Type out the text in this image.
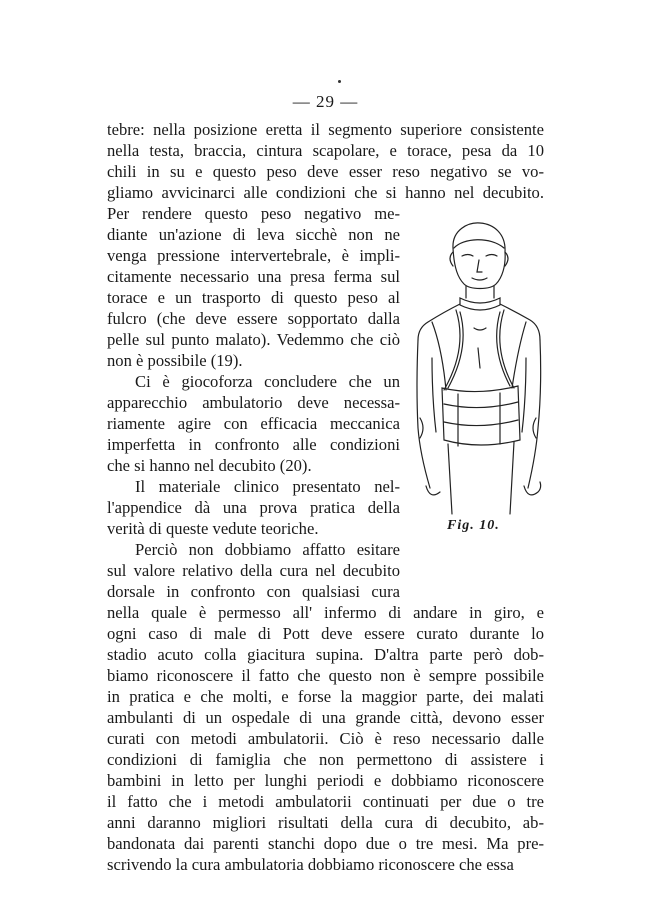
— 29 —
tebre: nella posizione eretta il segmento superiore consistente
nella testa, braccia, cintura scapolare, e torace, pesa da 10
chili in su e questo peso deve esser reso negativo se vo-
gliamo avvicinarci alle condizioni che si hanno nel decubito.
Per rendere questo peso negativo me-
diante un'azione di leva sicchè non ne
venga pressione intervertebrale, è impli-
citamente necessario una presa ferma sul
torace e un trasporto di questo peso al
fulcro (che deve essere sopportato dalla
pelle sul punto malato). Vedemmo che ciò
non è possibile (19).
Ci è giocoforza concludere che un
apparecchio ambulatorio deve necessa-
riamente agire con efficacia meccanica
imperfetta in confronto alle condizioni
che si hanno nel decubito (20).
Il materiale clinico presentato nel-
l'appendice dà una prova pratica della
verità di queste vedute teoriche.
Perciò non dobbiamo affatto esitare
sul valore relativo della cura nel decubito
dorsale in confronto con qualsiasi cura
nella quale è permesso all' infermo di andare in giro, e
ogni caso di male di Pott deve essere curato durante lo
stadio acuto colla giacitura supina. D'altra parte però dob-
biamo riconoscere il fatto che questo non è sempre possibile
in pratica e che molti, e forse la maggior parte, dei malati
ambulanti di un ospedale di una grande città, devono esser
curati con metodi ambulatorii. Ciò è reso necessario dalle
condizioni di famiglia che non permettono di assistere i
bambini in letto per lunghi periodi e dobbiamo riconoscere
il fatto che i metodi ambulatorii continuati per due o tre
anni daranno migliori risultati della cura di decubito, ab-
bandonata dai parenti stanchi dopo due o tre mesi. Ma pre-
scrivendo la cura ambulatoria dobbiamo riconoscere che essa
Fig. 10.
